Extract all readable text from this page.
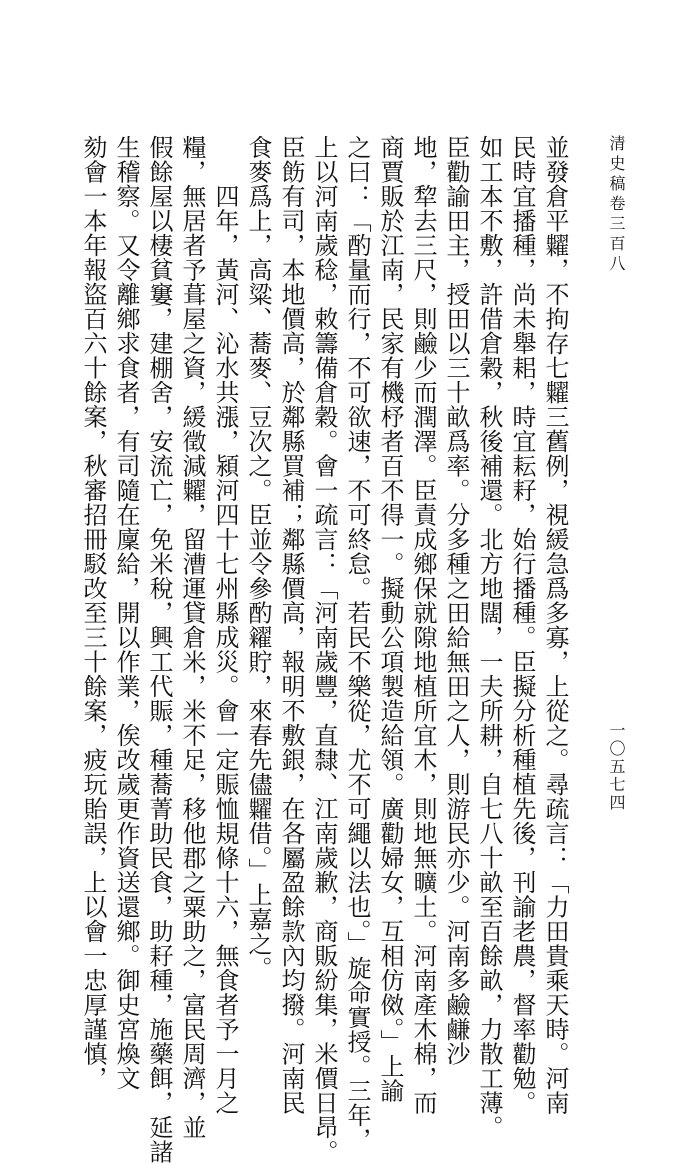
清史稿卷三百八
一〇五七四
並發倉平糶，不拘存七糶三舊例，視緩急爲多寡，上從之。尋疏言：「力田貴乘天時。河南
民時宜播種，尚未舉耜，時宜耘耔，始行播種。臣擬分析種植先後，刊諭老農，督率勸勉。
如工本不敷，許借倉穀，秋後補還。北方地闊，一夫所耕，自七八十畝至百餘畝，力散工薄。
臣勸諭田主，授田以三十畝爲率。分多種之田給無田之人，則游民亦少。河南多鹼鹻沙
地，犂去三尺，則鹼少而潤澤。臣責成鄉保就隙地植所宜木，則地無曠土。河南產木棉，而
商賈販於江南，民家有機杼者百不得一。擬動公項製造給領。廣勸婦女，互相仿傚。」上諭
之曰：「酌量而行，不可欲速，不可終怠。若民不樂從，尤不可繩以法也。」旋命實授。三年，
上以河南歲稔，敕籌備倉穀。會一疏言：「河南歲豐，直隸、江南歲歉，商販紛集，米價日昂。
臣飭有司，本地價高，於鄰縣買補；鄰縣價高，報明不敷銀，在各屬盈餘款內均撥。河南民
食麥爲上，高粱、蕎麥、豆次之。臣並令參酌糴貯，來春先儘糶借。」上嘉之。
　　四年，黃河、沁水共漲，潁河四十七州縣成災。會一定賑恤規條十六，無食者予一月之
糧，無居者予葺屋之資，緩徵減糶，留漕運貸倉米，米不足，移他郡之粟助之，富民周濟，並
假餘屋以棲貧窶，建棚舍，安流亡，免米稅，興工代賑，種蕎菁助民食，助耔種，施藥餌，延諸
生稽察。又令離鄉求食者，有司隨在廩給，開以作業，俟改歲更作資送還鄉。御史宮煥文
劾會一本年報盜百六十餘案，秋審招冊駁改至三十餘案，疲玩貽誤，上以會一忠厚謹慎，
